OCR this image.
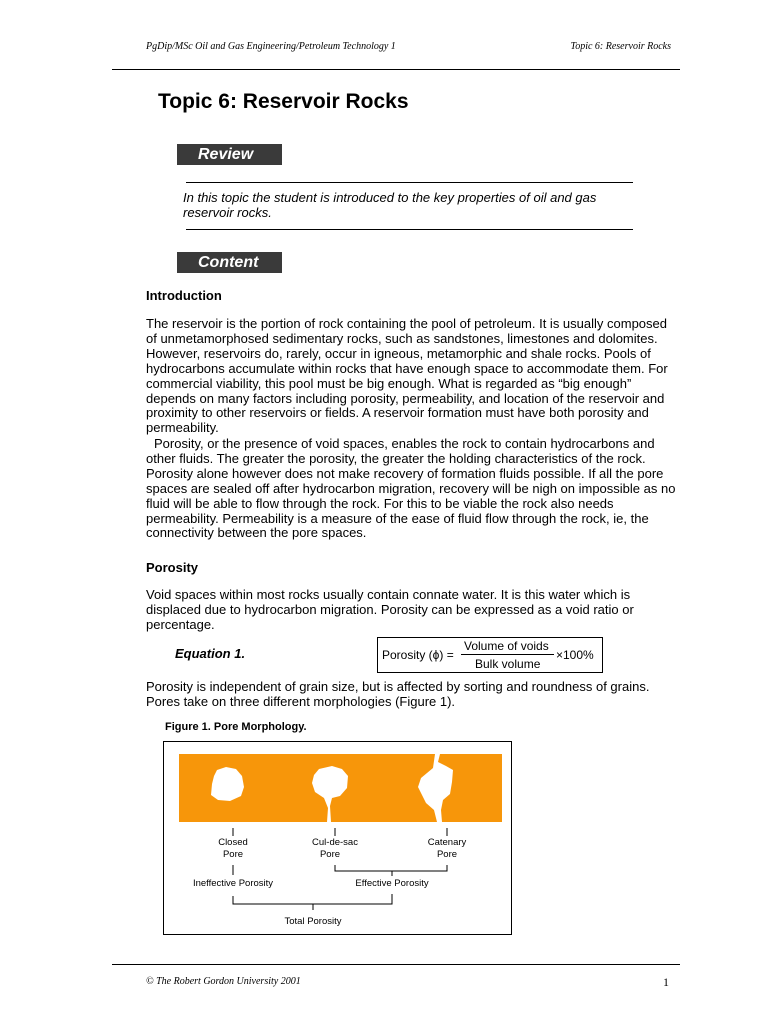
PgDip/MSc Oil and Gas Engineering/Petroleum Technology 1	Topic 6: Reservoir Rocks
Topic 6: Reservoir Rocks
Review
In this topic the student is introduced to the key properties of oil and gas reservoir rocks.
Content
Introduction
The reservoir is the portion of rock containing the pool of petroleum. It is usually composed of unmetamorphosed sedimentary rocks, such as sandstones, limestones and dolomites. However, reservoirs do, rarely, occur in igneous, metamorphic and shale rocks. Pools of hydrocarbons accumulate within rocks that have enough space to accommodate them. For commercial viability, this pool must be big enough. What is regarded as “big enough” depends on many factors including porosity, permeability, and location of the reservoir and proximity to other reservoirs or fields. A reservoir formation must have both porosity and permeability.
Porosity, or the presence of void spaces, enables the rock to contain hydrocarbons and other fluids. The greater the porosity, the greater the holding characteristics of the rock. Porosity alone however does not make recovery of formation fluids possible. If all the pore spaces are sealed off after hydrocarbon migration, recovery will be nigh on impossible as no fluid will be able to flow through the rock. For this to be viable the rock also needs permeability. Permeability is a measure of the ease of fluid flow through the rock, ie, the connectivity between the pore spaces.
Porosity
Void spaces within most rocks usually contain connate water. It is this water which is displaced due to hydrocarbon migration. Porosity can be expressed as a void ratio or percentage.
Equation 1.	Porosity (ϕ) =
Volume of voids
Bulk volume
×100%
Porosity is independent of grain size, but is affected by sorting and roundness of grains. Pores take on three different morphologies (Figure 1).
Figure 1. Pore Morphology.
Closed
Pore
Cul-de-sac
Pore
Catenary
Pore
Ineffective Porosity	Effective Porosity
Total Porosity
© The Robert Gordon University 2001	1
